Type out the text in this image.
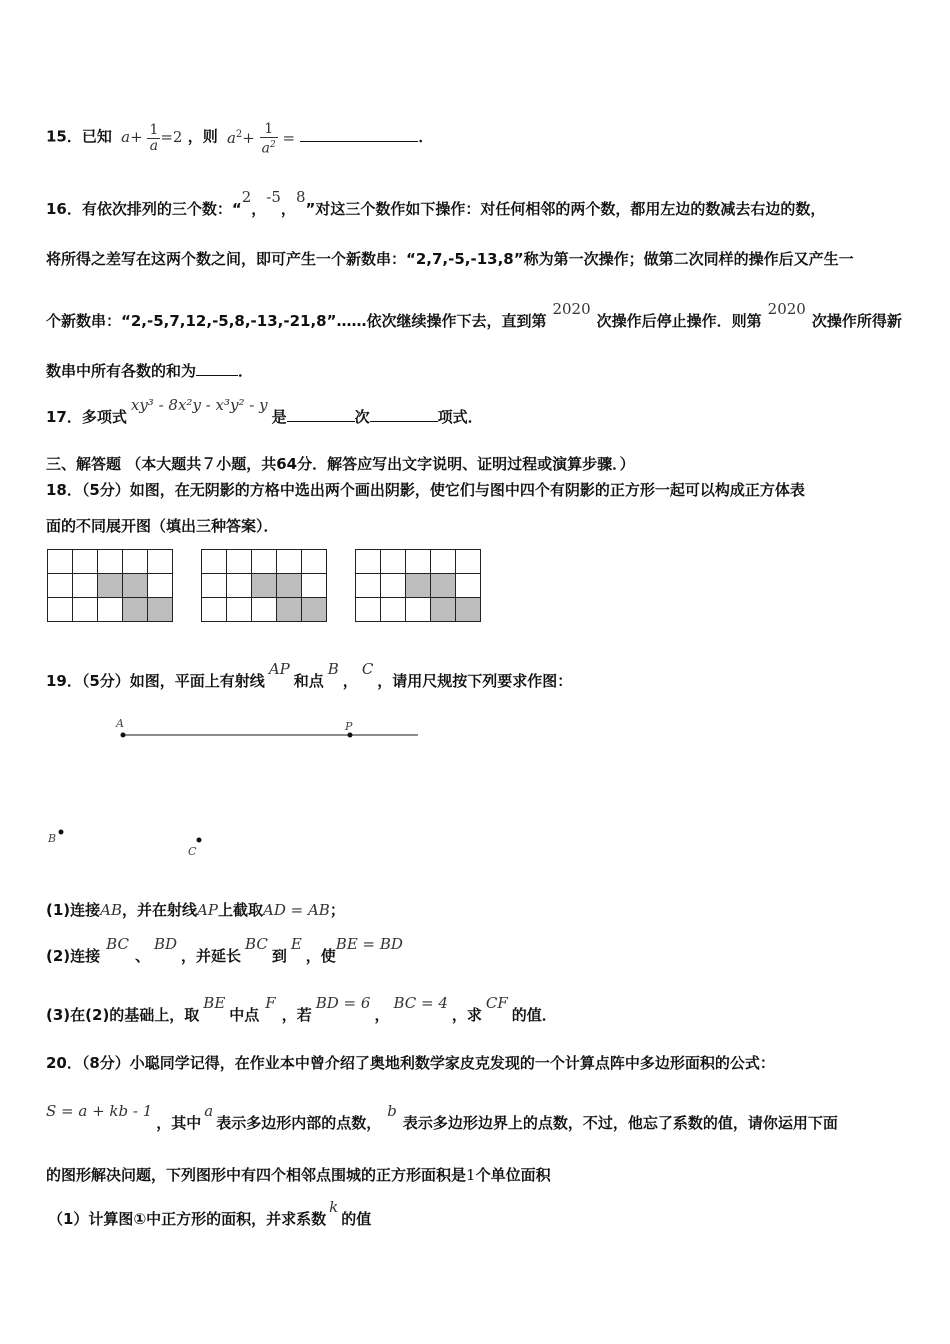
15．已知 $a+ \frac{1}{a} =2$ ，则 $a^2+ \frac{1}{a^2}$ =	．
16．有依次排列的三个数：“2，-5，8”对这三个数作如下操作：对任何相邻的两个数，都用左边的数减去右边的数，
将所得之差写在这两个数之间，即可产生一个新数串：“2,7,-5,-13,8”称为第一次操作；做第二次同样的操作后又产生一
个新数串：“2,-5,7,12,-5,8,-13,-21,8”……依次继续操作下去，直到第2020次操作后停止操作．则第2020次操作所得新
数串中所有各数的和为	．
17．多项式xy³ - 8x²y - x³y² - y是	次	项式．
三、解答题 （本大题共７小题，共64分．解答应写出文字说明、证明过程或演算步骤．）
18．（5分）如图，在无阴影的方格中选出两个画出阴影，使它们与图中四个有阴影的正方形一起可以构成正方体表
面的不同展开图（填出三种答案）．

19．（5分）如图，平面上有射线AP和点B，C，请用尺规按下列要求作图：
A	P
B
C
(1)连接AB，并在射线AP上截取AD = AB；
(2)连接BC、BD，并延长BC到E，使BE = BD
(3)在(2)的基础上，取BE中点F，若BD = 6，BC = 4，求CF的值．
20．（8分）小聪同学记得，在作业本中曾介绍了奥地利数学家皮克发现的一个计算点阵中多边形面积的公式：
S = a + kb - 1，其中a表示多边形内部的点数，b表示多边形边界上的点数，不过，他忘了系数的值，请你运用下面
的图形解决问题，下列图形中有四个相邻点围城的正方形面积是1个单位面积
（1）计算图①中正方形的面积，并求系数k的值
